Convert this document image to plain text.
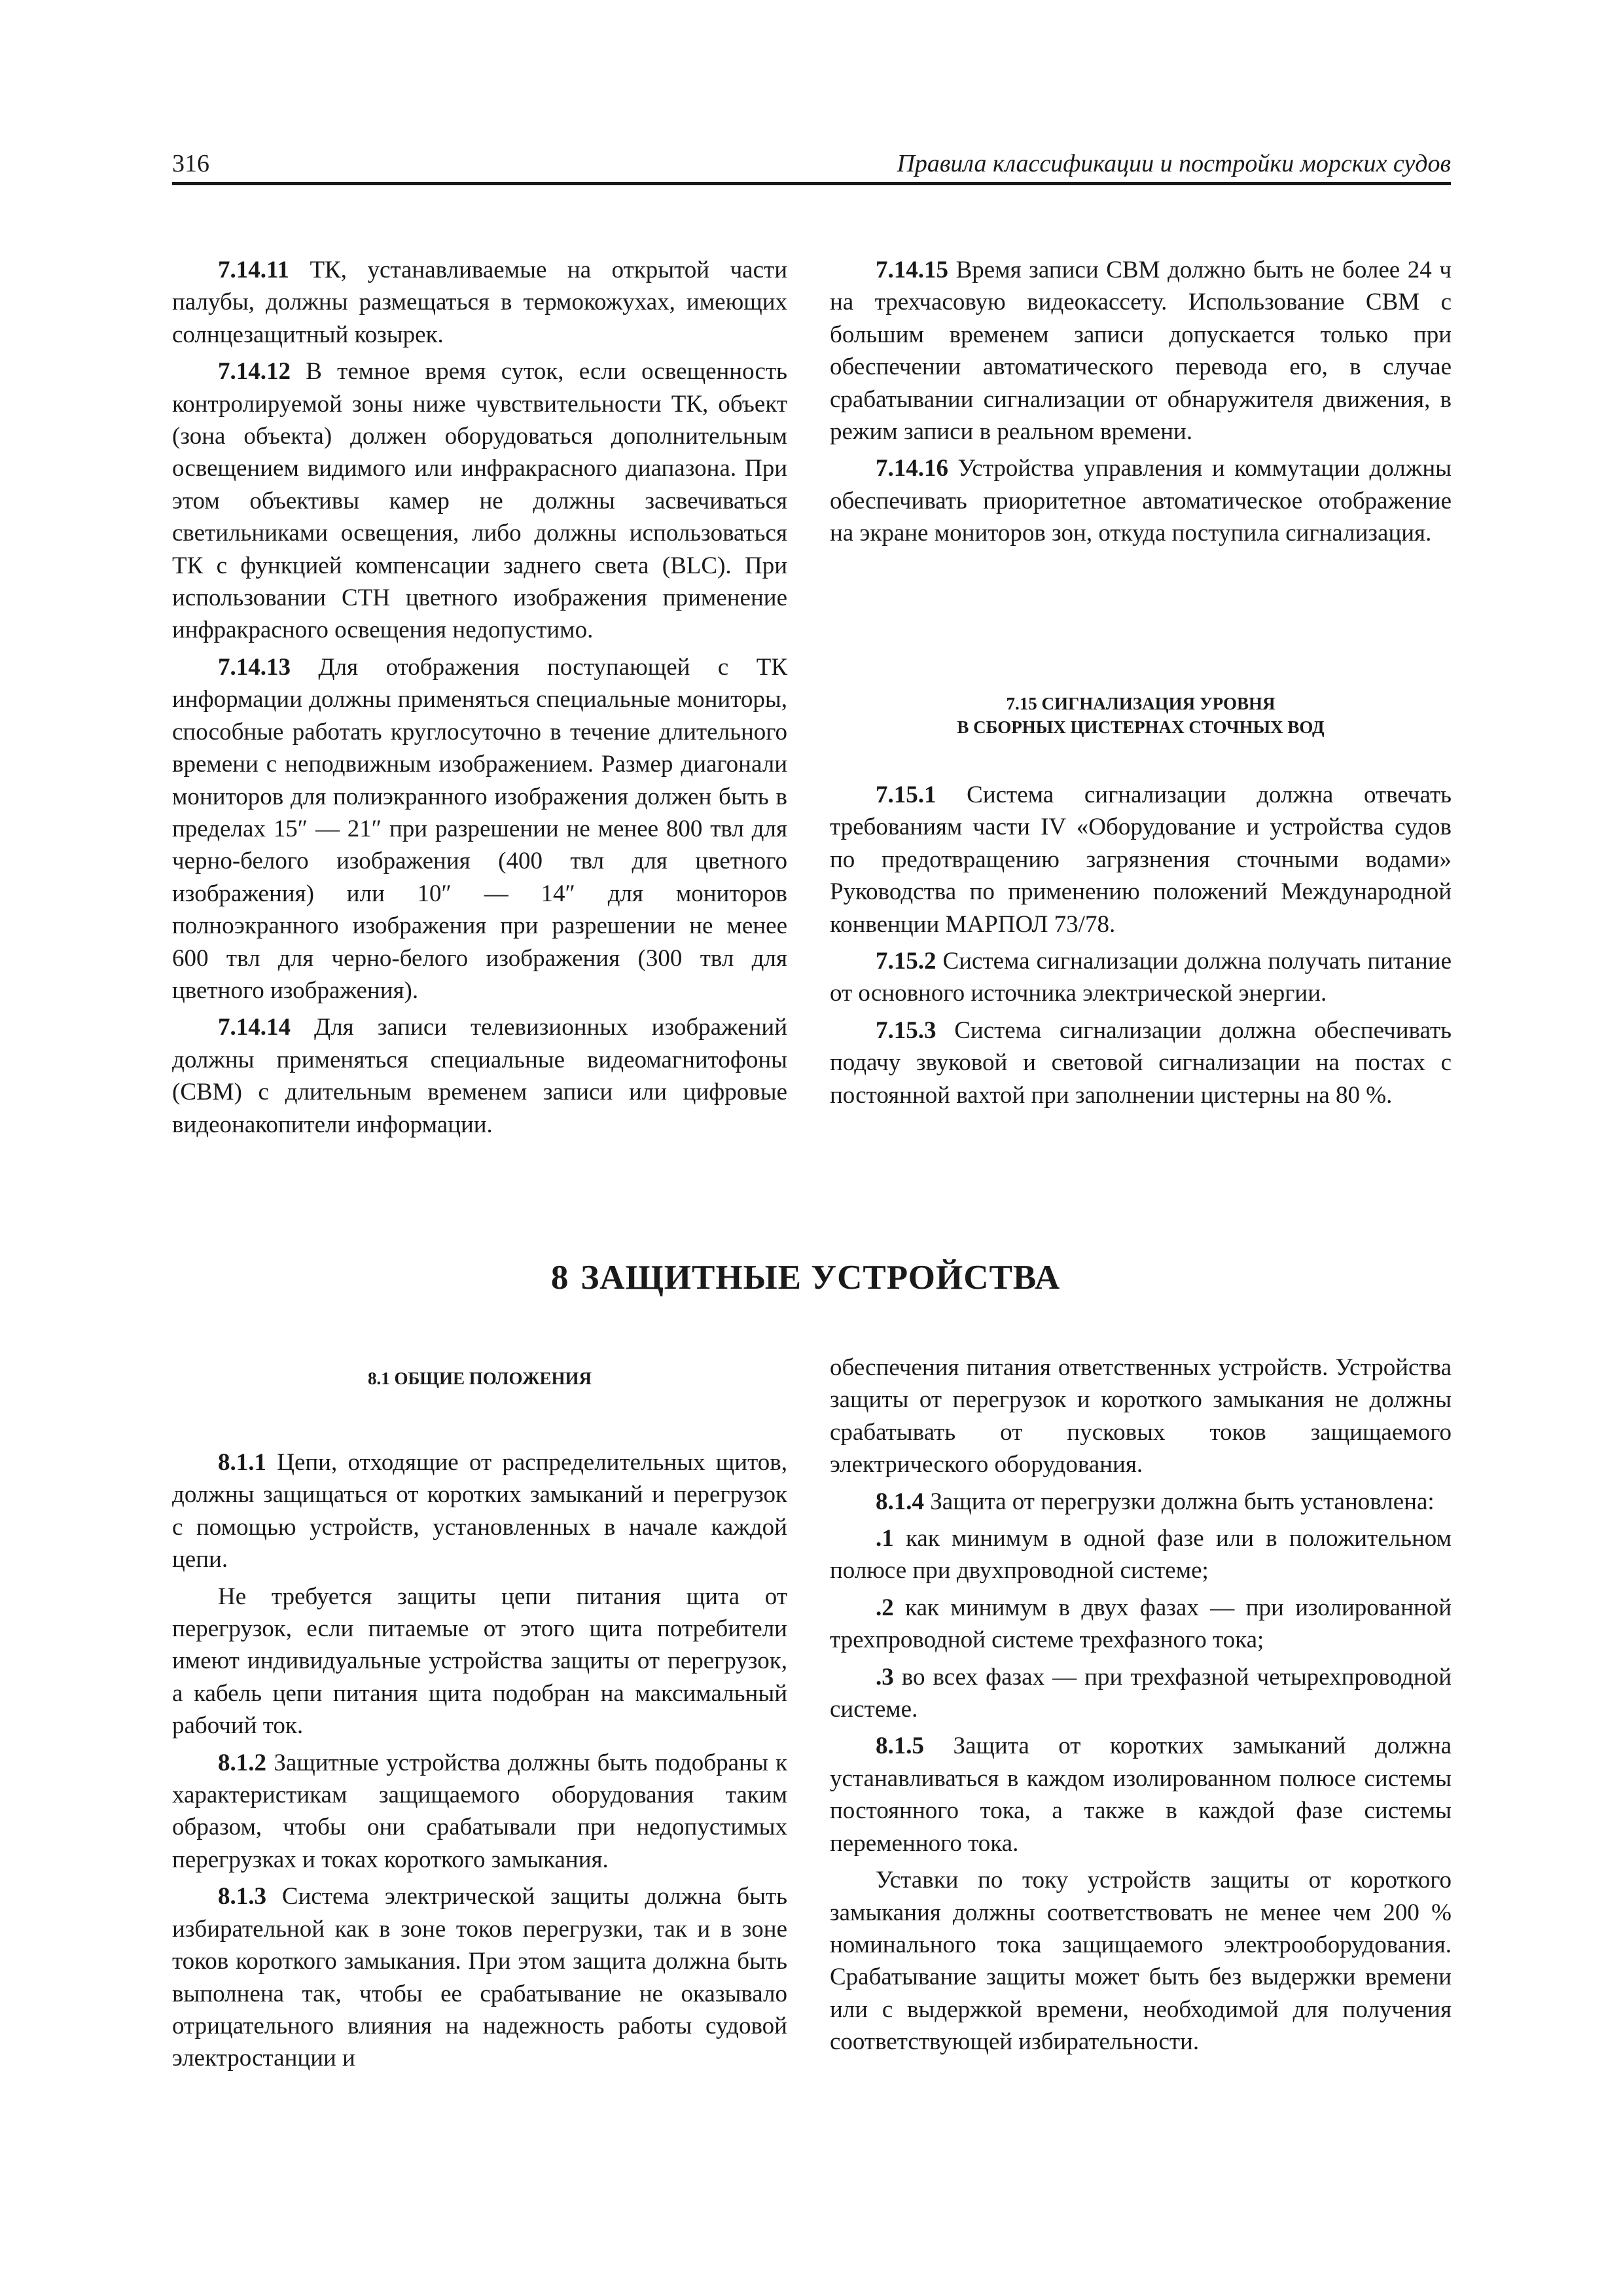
316	Правила классификации и постройки морских судов

7.14.11 ТК, устанавливаемые на открытой части палубы, должны размещаться в термокожухах, имеющих солнцезащитный козырек.

7.14.12 В темное время суток, если освещенность контролируемой зоны ниже чувствительности ТК, объект (зона объекта) должен оборудоваться дополнительным освещением видимого или инфракрасного диапазона. При этом объективы камер не должны засвечиваться светильниками освещения, либо должны использоваться ТК с функцией компенсации заднего света (BLC). При использовании СТН цветного изображения применение инфракрасного освещения недопустимо.

7.14.13 Для отображения поступающей с ТК информации должны применяться специальные мониторы, способные работать круглосуточно в течение длительного времени с неподвижным изображением. Размер диагонали мониторов для полиэкранного изображения должен быть в пределах 15″ — 21″ при разрешении не менее 800 твл для черно-белого изображения (400 твл для цветного изображения) или 10″ — 14″ для мониторов полноэкранного изображения при разрешении не менее 600 твл для черно-белого изображения (300 твл для цветного изображения).

7.14.14 Для записи телевизионных изображений должны применяться специальные видеомагнитофоны (СВМ) с длительным временем записи или цифровые видеонакопители информации.

7.14.15 Время записи СВМ должно быть не более 24 ч на трехчасовую видеокассету. Использование СВМ с большим временем записи допускается только при обеспечении автоматического перевода его, в случае срабатывании сигнализации от обнаружителя движения, в режим записи в реальном времени.

7.14.16 Устройства управления и коммутации должны обеспечивать приоритетное автоматическое отображение на экране мониторов зон, откуда поступила сигнализация.

7.15 СИГНАЛИЗАЦИЯ УРОВНЯ
В СБОРНЫХ ЦИСТЕРНАХ СТОЧНЫХ ВОД

7.15.1 Система сигнализации должна отвечать требованиям части IV «Оборудование и устройства судов по предотвращению загрязнения сточными водами» Руководства по применению положений Международной конвенции МАРПОЛ 73/78.

7.15.2 Система сигнализации должна получать питание от основного источника электрической энергии.

7.15.3 Система сигнализации должна обеспечивать подачу звуковой и световой сигнализации на постах с постоянной вахтой при заполнении цистерны на 80 %.

8 ЗАЩИТНЫЕ УСТРОЙСТВА
8.1 ОБЩИЕ ПОЛОЖЕНИЯ

8.1.1 Цепи, отходящие от распределительных щитов, должны защищаться от коротких замыканий и перегрузок с помощью устройств, установленных в начале каждой цепи.

Не требуется защиты цепи питания щита от перегрузок, если питаемые от этого щита потребители имеют индивидуальные устройства защиты от перегрузок, а кабель цепи питания щита подобран на максимальный рабочий ток.

8.1.2 Защитные устройства должны быть подобраны к характеристикам защищаемого оборудования таким образом, чтобы они срабатывали при недопустимых перегрузках и токах короткого замыкания.

8.1.3 Система электрической защиты должна быть избирательной как в зоне токов перегрузки, так и в зоне токов короткого замыкания. При этом защита должна быть выполнена так, чтобы ее срабатывание не оказывало отрицательного влияния на надежность работы судовой электростанции и

обеспечения питания ответственных устройств. Устройства защиты от перегрузок и короткого замыкания не должны срабатывать от пусковых токов защищаемого электрического оборудования.

8.1.4 Защита от перегрузки должна быть установлена:

.1 как минимум в одной фазе или в положительном полюсе при двухпроводной системе;

.2 как минимум в двух фазах — при изолированной трехпроводной системе трехфазного тока;

.3 во всех фазах — при трехфазной четырехпроводной системе.

8.1.5 Защита от коротких замыканий должна устанавливаться в каждом изолированном полюсе системы постоянного тока, а также в каждой фазе системы переменного тока.

Уставки по току устройств защиты от короткого замыкания должны соответствовать не менее чем 200 % номинального тока защищаемого электрооборудования. Срабатывание защиты может быть без выдержки времени или с выдержкой времени, необходимой для получения соответствующей избирательности.
